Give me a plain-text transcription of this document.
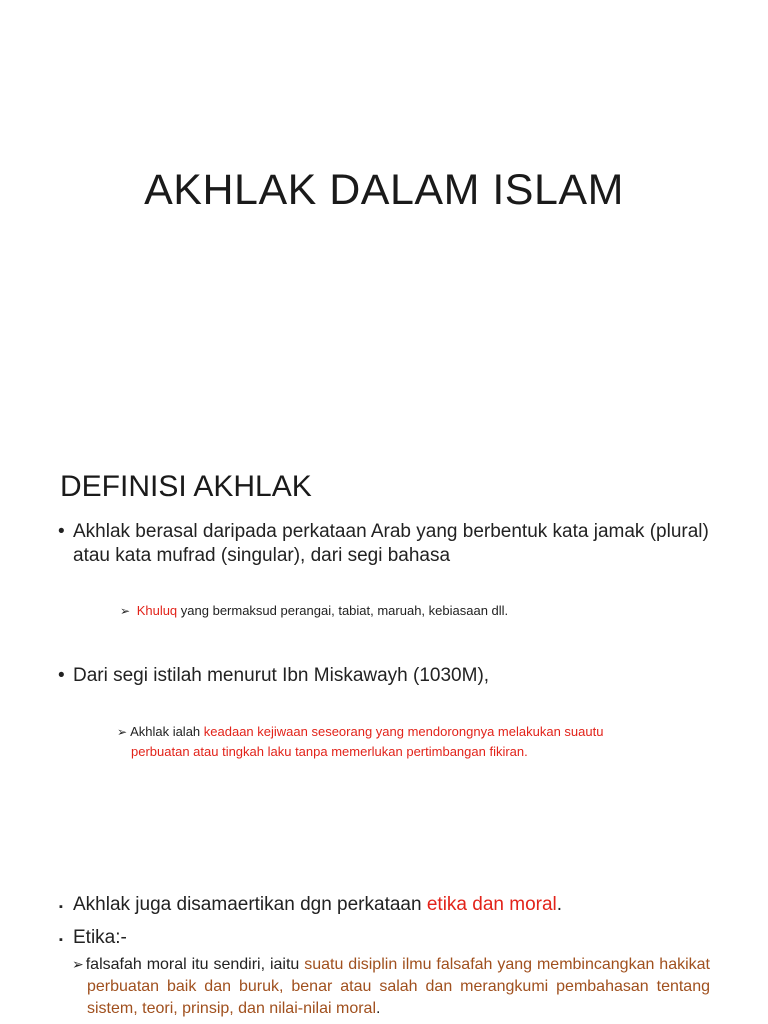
AKHLAK DALAM ISLAM
DEFINISI AKHLAK

• Akhlak berasal daripada perkataan Arab yang berbentuk kata jamak (plural) atau kata mufrad (singular), dari segi bahasa

➢ Khuluq yang bermaksud perangai, tabiat, maruah, kebiasaan dll.

• Dari segi istilah menurut Ibn Miskawayh (1030M),

➢ Akhlak ialah keadaan kejiwaan seseorang yang mendorongnya melakukan suautu
perbuatan atau tingkah laku tanpa memerlukan pertimbangan fikiran.

▪ Akhlak juga disamaertikan dgn perkataan etika dan moral.

▪ Etika:-

➢ falsafah moral itu sendiri, iaitu suatu disiplin ilmu falsafah yang membincangkan hakikat perbuatan baik dan buruk, benar atau salah dan merangkumi pembahasan tentang sistem, teori, prinsip, dan nilai-nilai moral.
